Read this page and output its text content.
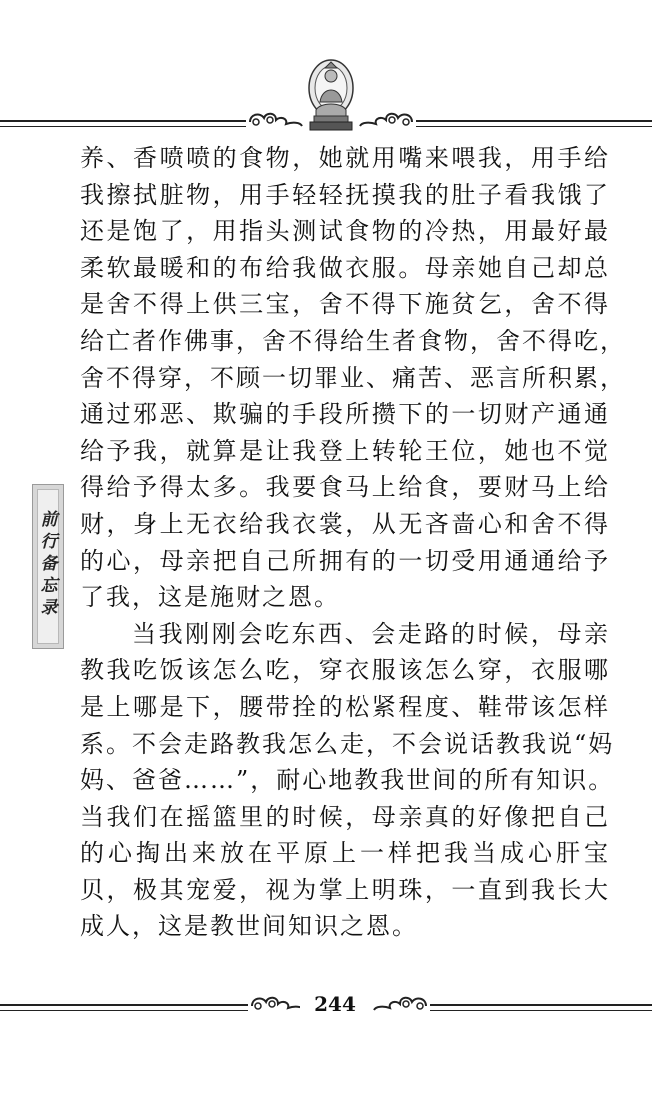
前行备忘录
养、香喷喷的食物，她就用嘴来喂我，用手给
我擦拭脏物，用手轻轻抚摸我的肚子看我饿了
还是饱了，用指头测试食物的冷热，用最好最
柔软最暖和的布给我做衣服。母亲她自己却总
是舍不得上供三宝，舍不得下施贫乞，舍不得
给亡者作佛事，舍不得给生者食物，舍不得吃，
舍不得穿，不顾一切罪业、痛苦、恶言所积累，
通过邪恶、欺骗的手段所攒下的一切财产通通
给予我，就算是让我登上转轮王位，她也不觉
得给予得太多。我要食马上给食，要财马上给
财，身上无衣给我衣裳，从无吝啬心和舍不得
的心，母亲把自己所拥有的一切受用通通给予
了我，这是施财之恩。
当我刚刚会吃东西、会走路的时候，母亲
教我吃饭该怎么吃，穿衣服该怎么穿，衣服哪
是上哪是下，腰带拴的松紧程度、鞋带该怎样
系。不会走路教我怎么走，不会说话教我说“妈
妈、爸爸……”，耐心地教我世间的所有知识。
当我们在摇篮里的时候，母亲真的好像把自己
的心掏出来放在平原上一样把我当成心肝宝
贝，极其宠爱，视为掌上明珠，一直到我长大
成人，这是教世间知识之恩。
244
